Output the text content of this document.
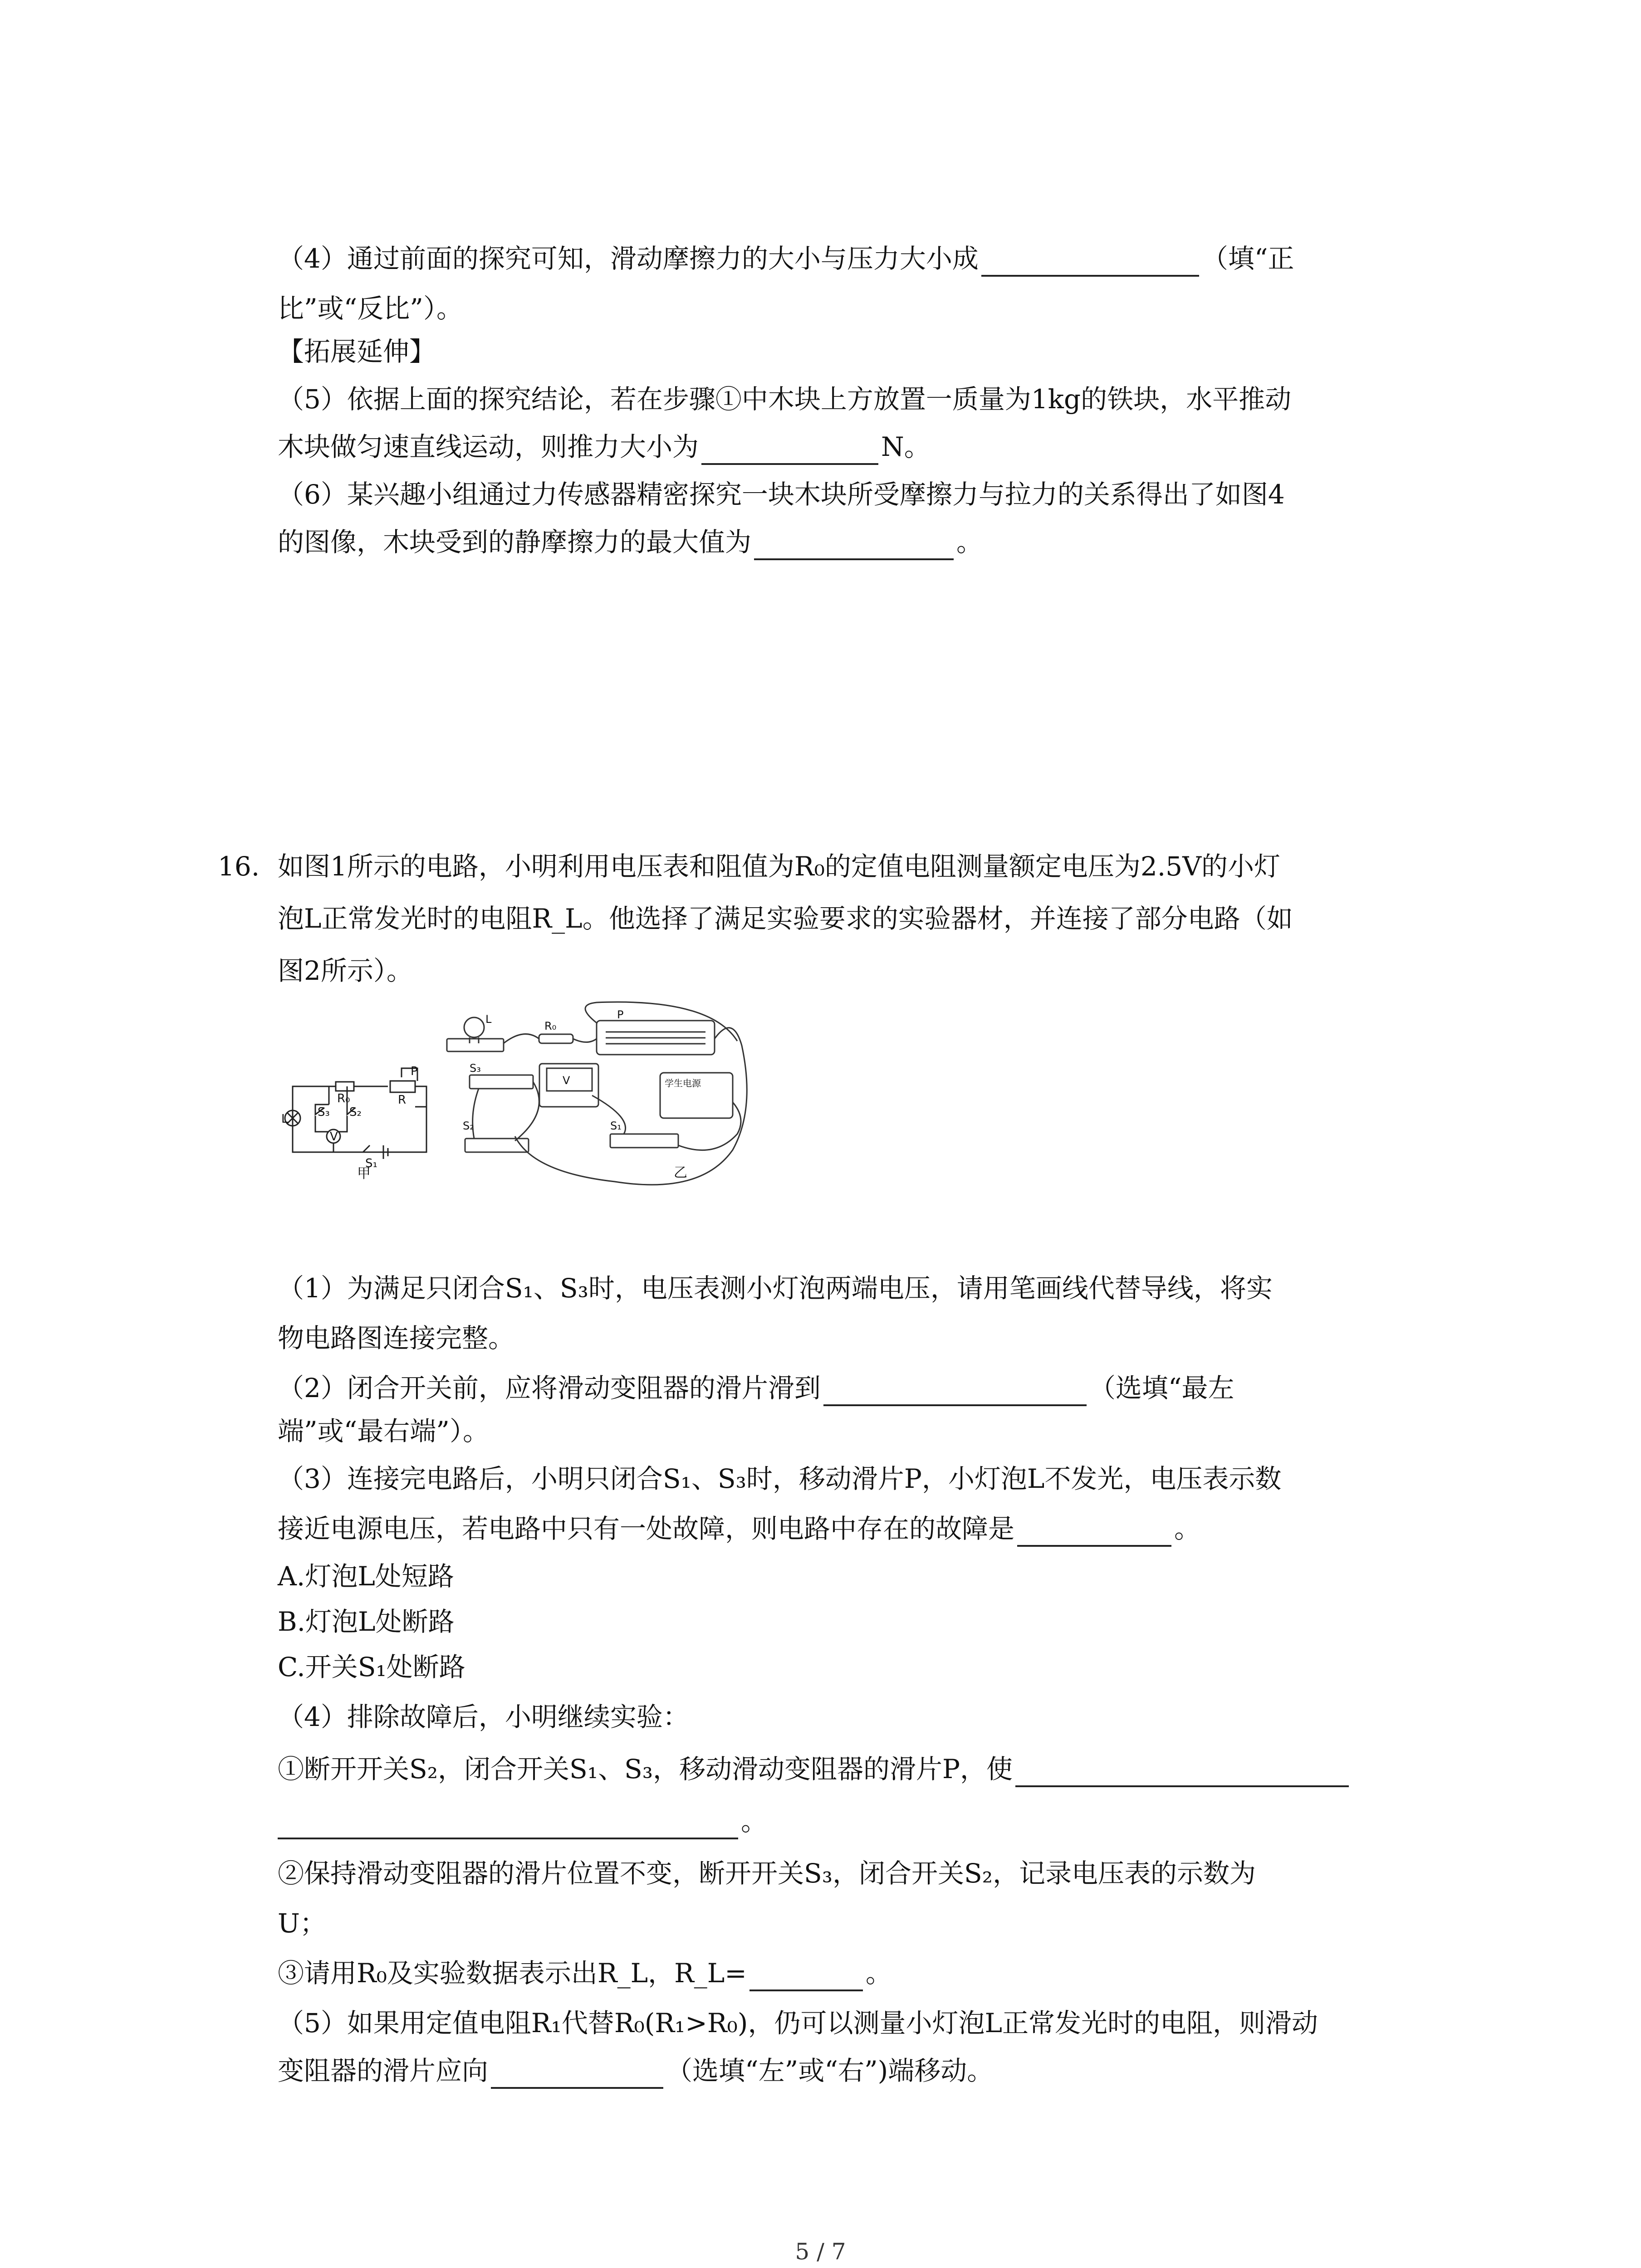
（4）通过前面的探究可知，滑动摩擦力的大小与压力大小成	（填“正
比”或“反比”）。
【拓展延伸】
（5）依据上面的探究结论，若在步骤①中木块上方放置一质量为1kg的铁块，水平推动
木块做匀速直线运动，则推力大小为	N。
（6）某兴趣小组通过力传感器精密探究一块木块所受摩擦力与拉力的关系得出了如图4
的图像，木块受到的静摩擦力的最大值为	。
16. 如图1所示的电路，小明利用电压表和阻值为R₀的定值电阻测量额定电压为2.5V的小灯
泡L正常发光时的电阻R_L。他选择了满足实验要求的实验器材，并连接了部分电路（如
图2所示）。
L
R₀	R
P
S₃ S₂
V
S₁
甲
L
R₀
P
S₃
S₂	S₁
学生电源
V
乙
（1）为满足只闭合S₁、S₃时，电压表测小灯泡两端电压，请用笔画线代替导线，将实
物电路图连接完整。
（2）闭合开关前，应将滑动变阻器的滑片滑到	（选填“最左
端”或“最右端”）。
（3）连接完电路后，小明只闭合S₁、S₃时，移动滑片P，小灯泡L不发光，电压表示数
接近电源电压，若电路中只有一处故障，则电路中存在的故障是	。
A.灯泡L处短路
B.灯泡L处断路
C.开关S₁处断路
（4）排除故障后，小明继续实验：
①断开开关S₂，闭合开关S₁、S₃，移动滑动变阻器的滑片P，使
。
②保持滑动变阻器的滑片位置不变，断开开关S₃，闭合开关S₂，记录电压表的示数为
U；
③请用R₀及实验数据表示出R_L，R_L=	。
（5）如果用定值电阻R₁代替R₀(R₁>R₀)，仍可以测量小灯泡L正常发光时的电阻，则滑动
变阻器的滑片应向	（选填“左”或“右”)端移动。
5 / 7
